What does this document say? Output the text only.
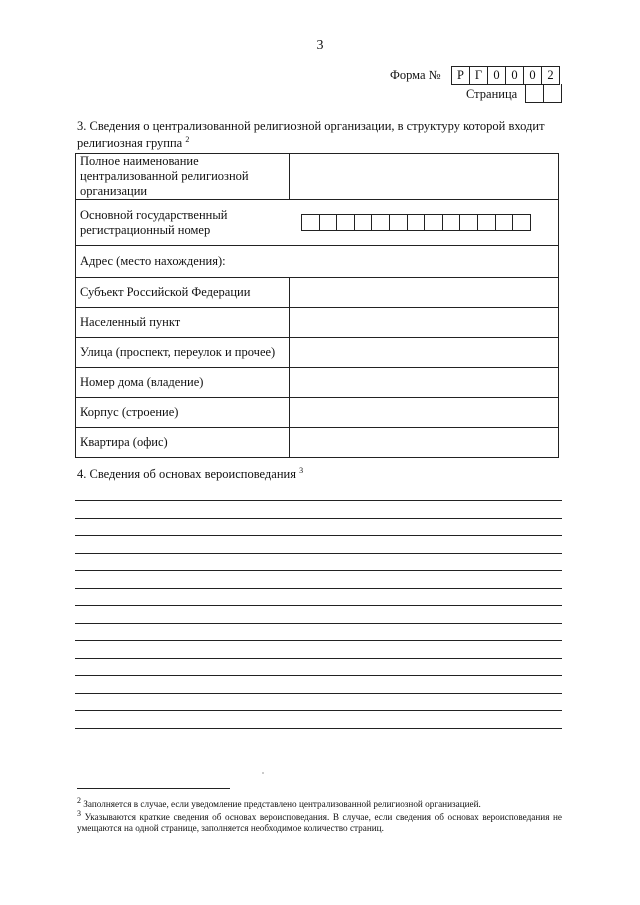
3
Форма №	Р Г 0 0 0 2
Страница
3. Сведения о централизованной религиозной организации, в структуру которой входит религиозная группа $^2$
Полное наименование централизованной религиозной организации	

Основной государственный регистрационный номер	

Адрес (место нахождения):	
Субъект Российской Федерации	
Населенный пункт	
Улица (проспект, переулок и прочее)	
Номер дома (владение)	
Корпус (строение)	
Квартира (офис)	
4. Сведения об основах вероисповедания $^3$
$^2$ Заполняется в случае, если уведомление представлено централизованной религиозной организацией.
$^3$ Указываются краткие сведения об основах вероисповедания. В случае, если сведения об основах вероисповедания не умещаются на одной странице, заполняется необходимое количество страниц.
